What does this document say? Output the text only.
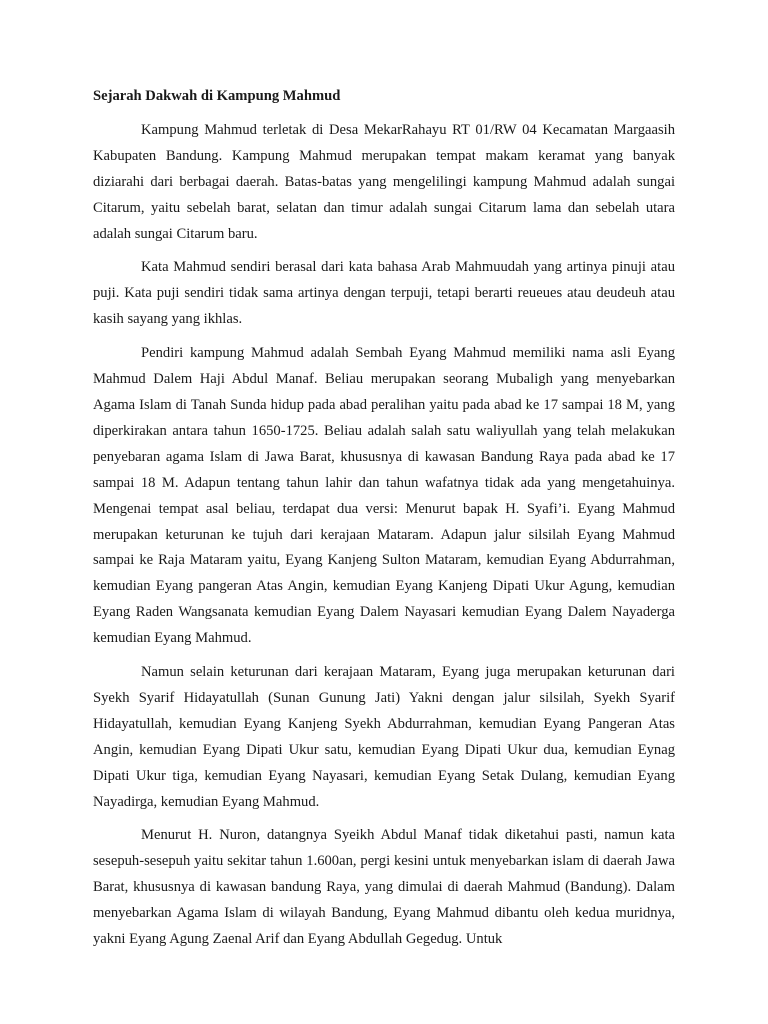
Sejarah Dakwah di Kampung Mahmud

Kampung Mahmud terletak di Desa MekarRahayu RT 01/RW 04 Kecamatan Margaasih Kabupaten Bandung. Kampung Mahmud merupakan tempat makam keramat yang banyak diziarahi dari berbagai daerah. Batas-batas yang mengelilingi kampung Mahmud adalah sungai Citarum, yaitu sebelah barat, selatan dan timur adalah sungai Citarum lama dan sebelah utara adalah sungai Citarum baru.

Kata Mahmud sendiri berasal dari kata bahasa Arab Mahmuudah yang artinya pinuji atau puji. Kata puji sendiri tidak sama artinya dengan terpuji, tetapi berarti reueues atau deudeuh atau kasih sayang yang ikhlas.

Pendiri kampung Mahmud adalah Sembah Eyang Mahmud memiliki nama asli Eyang Mahmud Dalem Haji Abdul Manaf. Beliau merupakan seorang Mubaligh yang menyebarkan Agama Islam di Tanah Sunda hidup pada abad peralihan yaitu pada abad ke 17 sampai 18 M, yang diperkirakan antara tahun 1650-1725. Beliau adalah salah satu waliyullah yang telah melakukan penyebaran agama Islam di Jawa Barat, khususnya di kawasan Bandung Raya pada abad ke 17 sampai 18 M. Adapun tentang tahun lahir dan tahun wafatnya tidak ada yang mengetahuinya. Mengenai tempat asal beliau, terdapat dua versi: Menurut bapak H. Syafi’i. Eyang Mahmud merupakan keturunan ke tujuh dari kerajaan Mataram. Adapun jalur silsilah Eyang Mahmud sampai ke Raja Mataram yaitu, Eyang Kanjeng Sulton Mataram, kemudian Eyang Abdurrahman, kemudian Eyang pangeran Atas Angin, kemudian Eyang Kanjeng Dipati Ukur Agung, kemudian Eyang Raden Wangsanata kemudian Eyang Dalem Nayasari kemudian Eyang Dalem Nayaderga kemudian Eyang Mahmud.

Namun selain keturunan dari kerajaan Mataram, Eyang juga merupakan keturunan dari Syekh Syarif Hidayatullah (Sunan Gunung Jati) Yakni dengan jalur silsilah, Syekh Syarif Hidayatullah, kemudian Eyang Kanjeng Syekh Abdurrahman, kemudian Eyang Pangeran Atas Angin, kemudian Eyang Dipati Ukur satu, kemudian Eyang Dipati Ukur dua, kemudian Eynag Dipati Ukur tiga, kemudian Eyang Nayasari, kemudian Eyang Setak Dulang, kemudian Eyang Nayadirga, kemudian Eyang Mahmud.

Menurut H. Nuron, datangnya Syeikh Abdul Manaf tidak diketahui pasti, namun kata sesepuh-sesepuh yaitu sekitar tahun 1.600an, pergi kesini untuk menyebarkan islam di daerah Jawa Barat, khususnya di kawasan bandung Raya, yang dimulai di daerah Mahmud (Bandung). Dalam menyebarkan Agama Islam di wilayah Bandung, Eyang Mahmud dibantu oleh kedua muridnya, yakni Eyang Agung Zaenal Arif dan Eyang Abdullah Gegedug. Untuk
